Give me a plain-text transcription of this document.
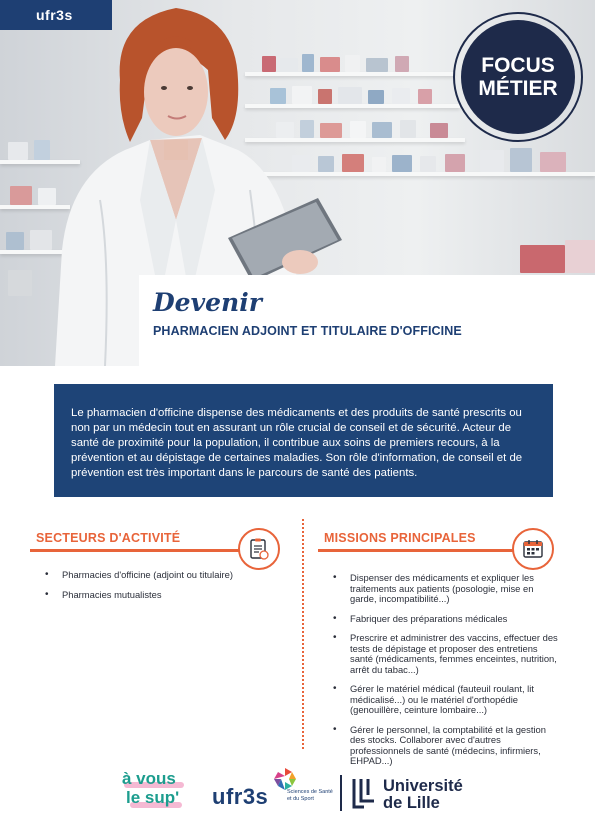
ufr3s
FOCUS
MÉTIER
Devenir
PHARMACIEN ADJOINT ET TITULAIRE D'OFFICINE
Le pharmacien d'officine dispense des médicaments et des produits de santé prescrits ou non par un médecin tout en assurant un rôle crucial de conseil et de sécurité. Acteur de santé de proximité pour la population, il contribue aux soins de premiers recours, à la prévention et au dépistage de certaines maladies. Son rôle d'information, de conseil et de prévention est très important dans le parcours de santé des patients.
SECTEURS D'ACTIVITÉ
• Pharmacies d'officine (adjoint ou titulaire)
• Pharmacies mutualistes
MISSIONS PRINCIPALES
• Dispenser des médicaments et expliquer les traitements aux patients (posologie, mise en garde, incompatibilité...)
• Fabriquer des préparations médicales
• Prescrire et administrer des vaccins, effectuer des tests de dépistage et proposer des entretiens santé (médicaments, femmes enceintes, nutrition, arrêt du tabac...)
• Gérer le matériel médical (fauteuil roulant, lit médicalisé...) ou le matériel d'orthopédie (genouillère, ceinture lombaire...)
• Gérer le personnel, la comptabilité et la gestion des stocks. Collaborer avec d'autres professionnels de santé (médecins, infirmiers, EHPAD...)
à vous
le sup' ufr3s	Sciences de Santé et du Sport
Université
de Lille
